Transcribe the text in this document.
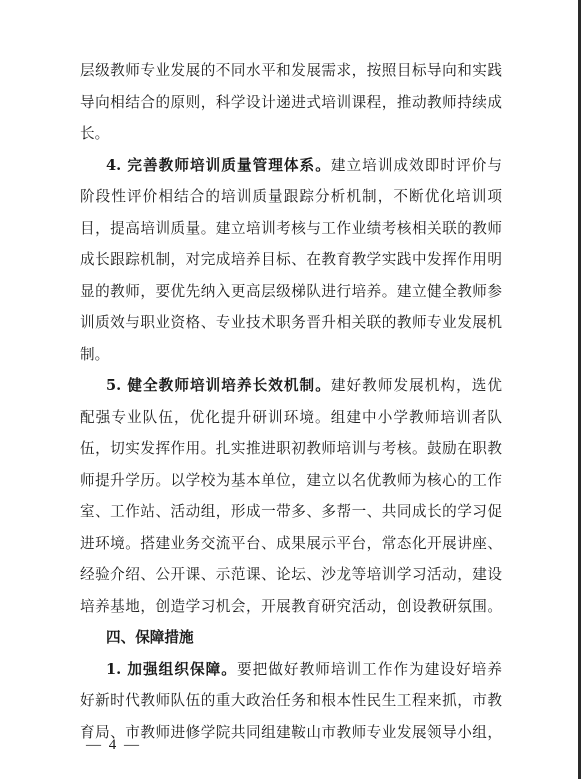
层级教师专业发展的不同水平和发展需求，按照目标导向和实践
导向相结合的原则，科学设计递进式培训课程，推动教师持续成
长。
4. 完善教师培训质量管理体系。建立培训成效即时评价与
阶段性评价相结合的培训质量跟踪分析机制，不断优化培训项
目，提高培训质量。建立培训考核与工作业绩考核相关联的教师
成长跟踪机制，对完成培养目标、在教育教学实践中发挥作用明
显的教师，要优先纳入更高层级梯队进行培养。建立健全教师参
训质效与职业资格、专业技术职务晋升相关联的教师专业发展机
制。
5. 健全教师培训培养长效机制。建好教师发展机构，选优
配强专业队伍，优化提升研训环境。组建中小学教师培训者队
伍，切实发挥作用。扎实推进职初教师培训与考核。鼓励在职教
师提升学历。以学校为基本单位，建立以名优教师为核心的工作
室、工作站、活动组，形成一带多、多帮一、共同成长的学习促
进环境。搭建业务交流平台、成果展示平台，常态化开展讲座、
经验介绍、公开课、示范课、论坛、沙龙等培训学习活动，建设
培养基地，创造学习机会，开展教育研究活动，创设教研氛围。
四、保障措施
1. 加强组织保障。要把做好教师培训工作作为建设好培养
好新时代教师队伍的重大政治任务和根本性民生工程来抓，市教
育局、市教师进修学院共同组建鞍山市教师专业发展领导小组，
— 4 —
